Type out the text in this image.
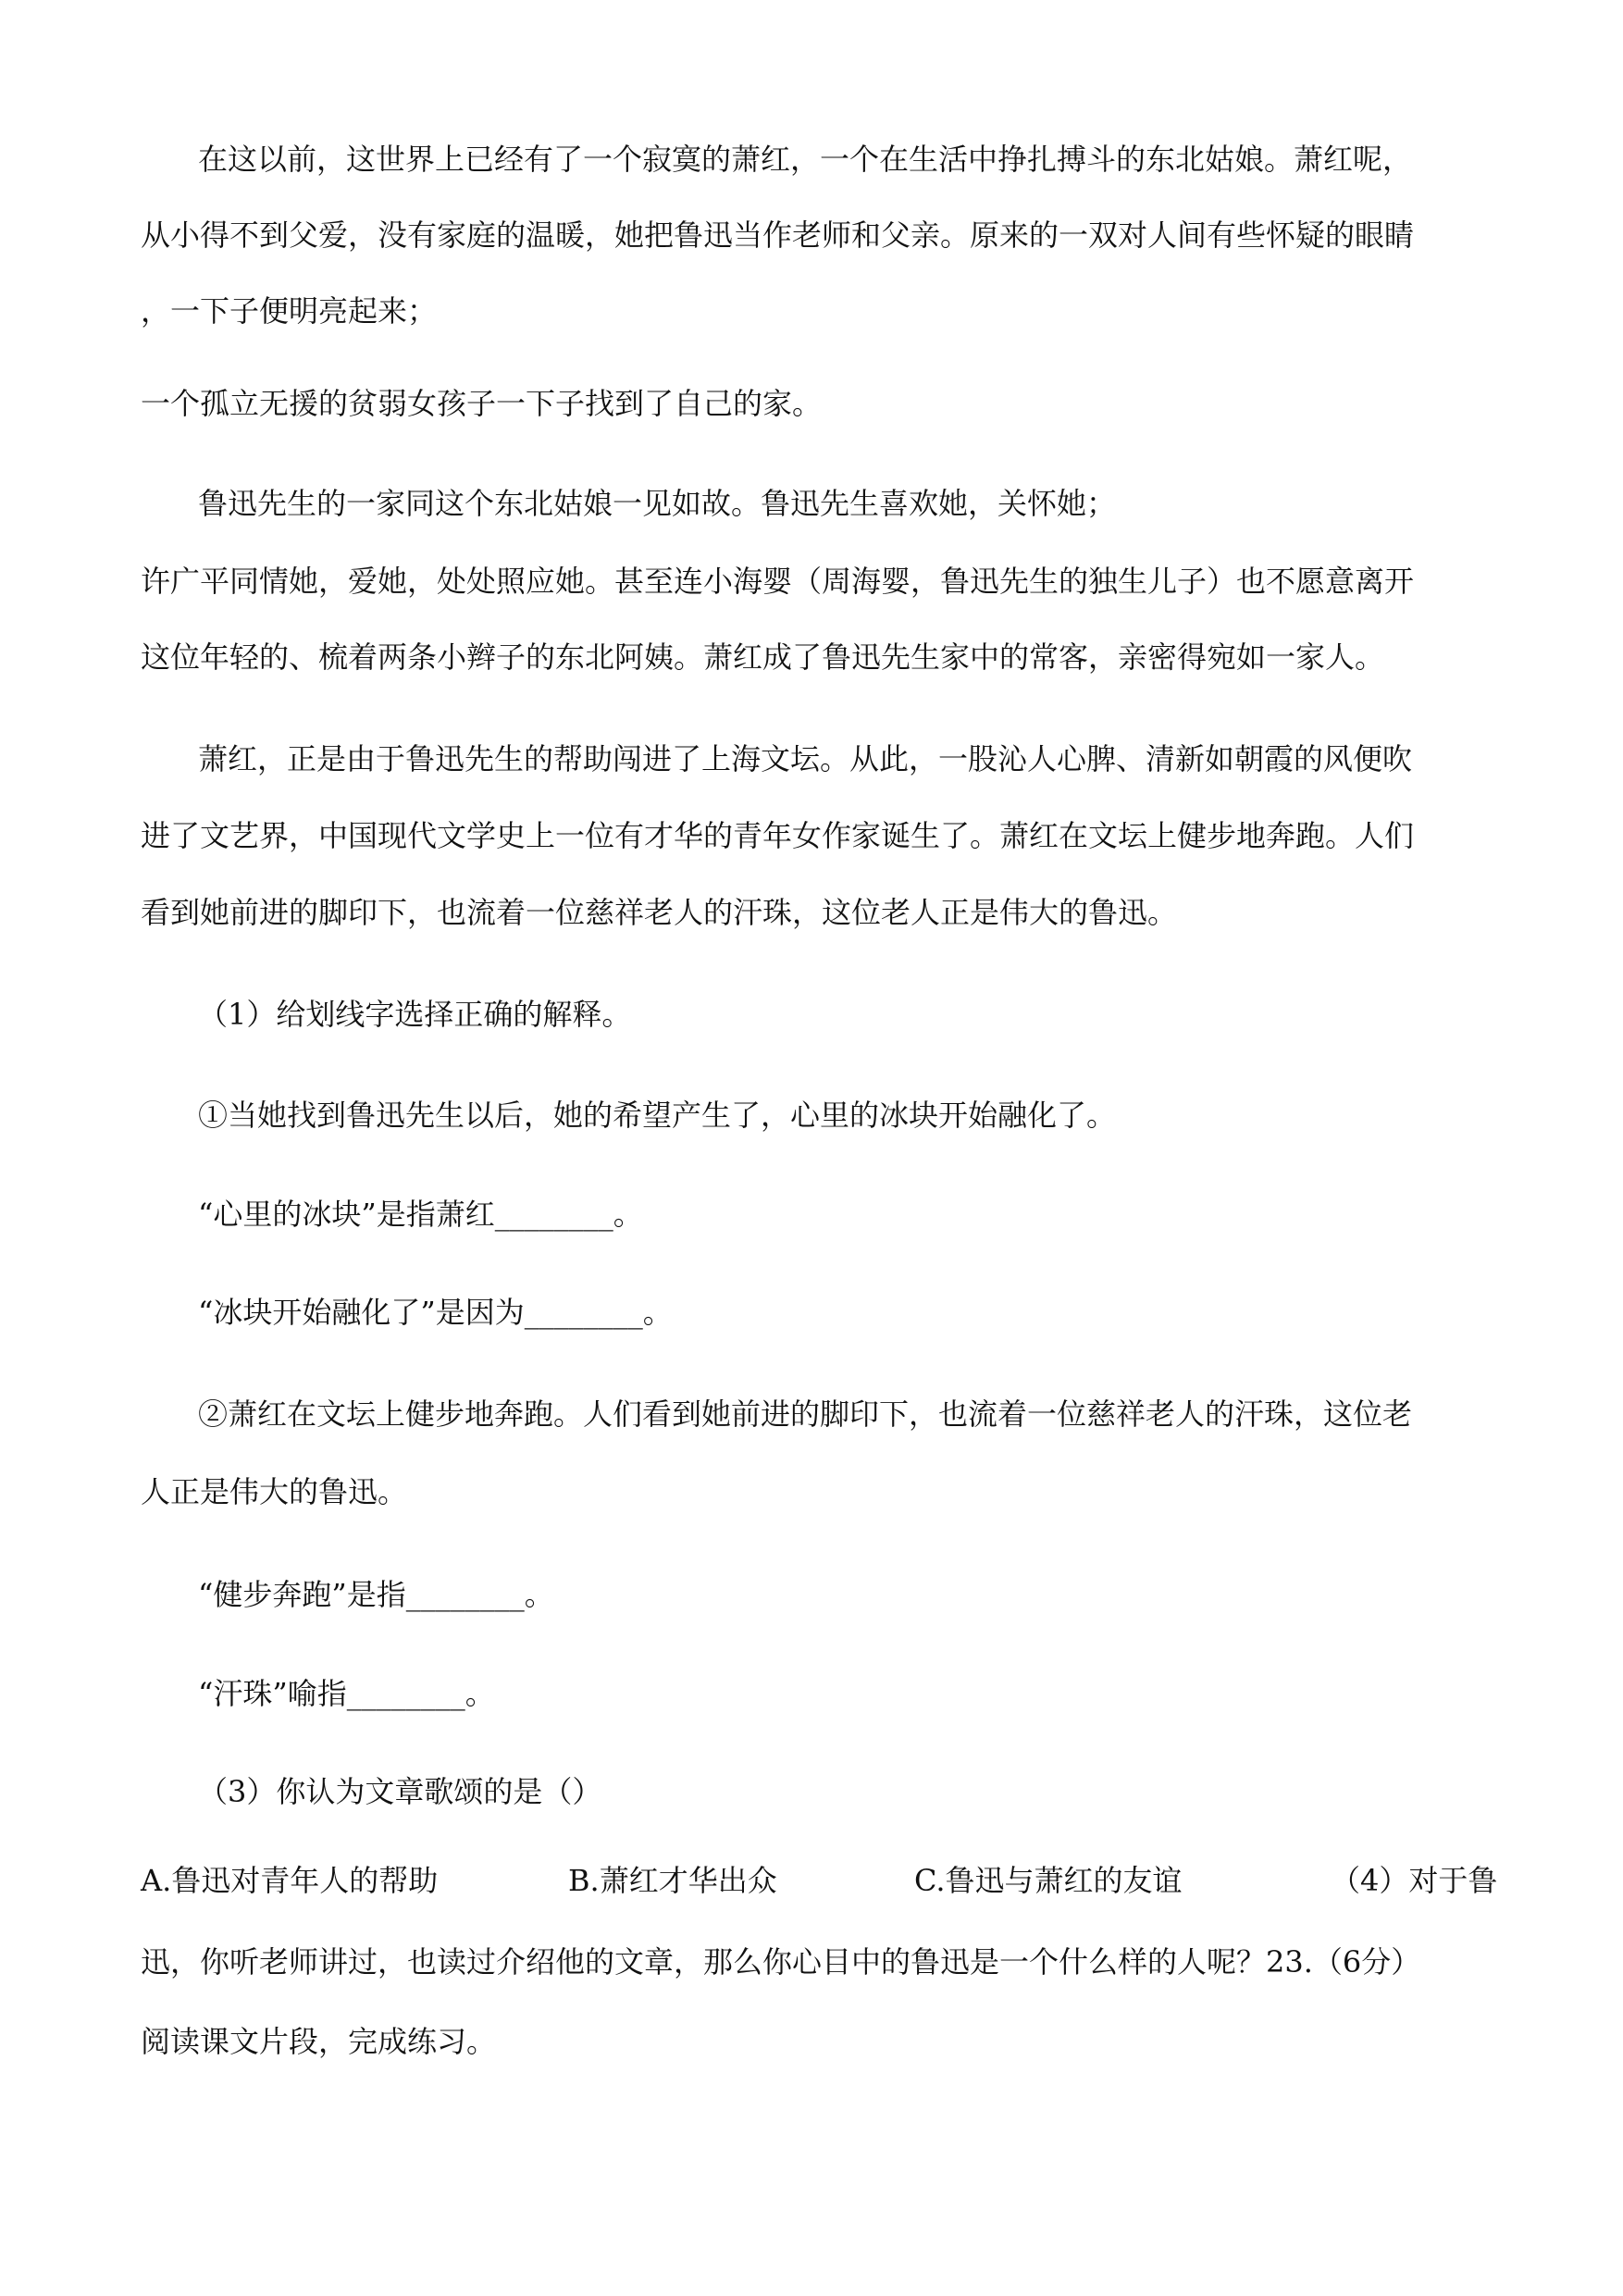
在这以前，这世界上已经有了一个寂寞的萧红，一个在生活中挣扎搏斗的东北姑娘。萧红呢，
从小得不到父爱，没有家庭的温暖，她把鲁迅当作老师和父亲。原来的一双对人间有些怀疑的眼睛
，一下子便明亮起来；
一个孤立无援的贫弱女孩子一下子找到了自己的家。
鲁迅先生的一家同这个东北姑娘一见如故。鲁迅先生喜欢她，关怀她；
许广平同情她，爱她，处处照应她。甚至连小海婴（周海婴，鲁迅先生的独生儿子）也不愿意离开
这位年轻的、梳着两条小辫子的东北阿姨。萧红成了鲁迅先生家中的常客，亲密得宛如一家人。
萧红，正是由于鲁迅先生的帮助闯进了上海文坛。从此，一股沁人心脾、清新如朝霞的风便吹
进了文艺界，中国现代文学史上一位有才华的青年女作家诞生了。萧红在文坛上健步地奔跑。人们
看到她前进的脚印下，也流着一位慈祥老人的汗珠，这位老人正是伟大的鲁迅。
（1）给划线字选择正确的解释。
①当她找到鲁迅先生以后，她的希望产生了，心里的冰块开始融化了。
“心里的冰块”是指萧红________。
“冰块开始融化了”是因为________。
②萧红在文坛上健步地奔跑。人们看到她前进的脚印下，也流着一位慈祥老人的汗珠，这位老
人正是伟大的鲁迅。
“健步奔跑”是指________。
“汗珠”喻指________。
（3）你认为文章歌颂的是（）
A.鲁迅对青年人的帮助	B.萧红才华出众	C.鲁迅与萧红的友谊	（4）对于鲁
迅，你听老师讲过，也读过介绍他的文章，那么你心目中的鲁迅是一个什么样的人呢？23.（6分）
阅读课文片段，完成练习。
